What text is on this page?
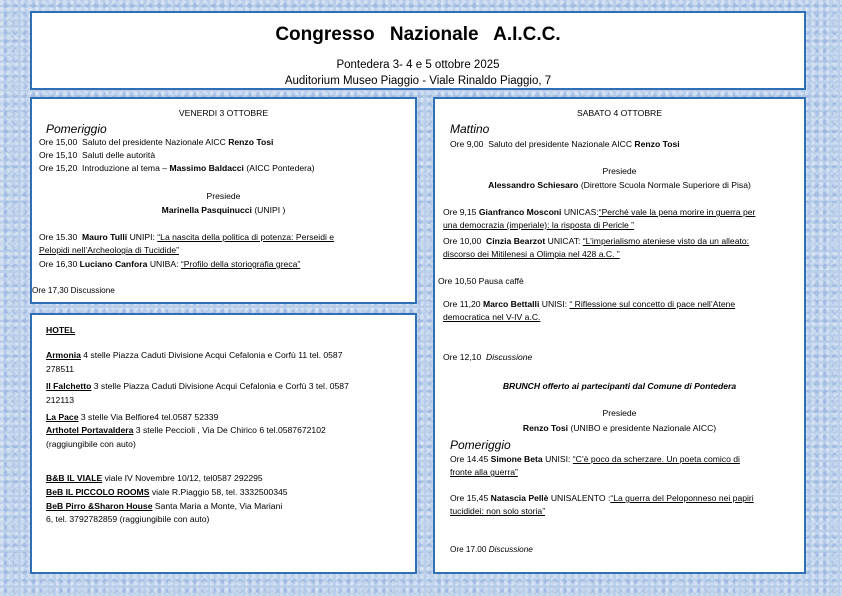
Congresso Nazionale A.I.C.C.
Pontedera 3- 4 e 5 ottobre 2025
Auditorium Museo Piaggio - Viale Rinaldo Piaggio, 7
VENERDI 3 OTTOBRE
Pomeriggio
Ore 15,00 Saluto del presidente Nazionale AICC Renzo Tosi
Ore 15,10 Saluti delle autorità
Ore 15,20 Introduzione al tema – Massimo Baldacci (AICC Pontedera)
Presiede
Marinella Pasquinucci (UNIPI )
Ore 15.30 Mauro Tulli UNIPI: “La nascita della politica di potenza: Perseidi e
Pelopidi nell’Archeologia di Tucidide”
Ore 16,30 Luciano Canfora UNIBA: “Profilo della storiografia greca”
Ore 17,30 Discussione
HOTEL
Armonia 4 stelle Piazza Caduti Divisione Acqui Cefalonia e Corfù 11 tel. 0587
278511
Il Falchetto 3 stelle Piazza Caduti Divisione Acqui Cefalonia e Corfù 3 tel. 0587
212113
La Pace 3 stelle Via Belfiore4 tel.0587 52339
Arthotel Portavaldera 3 stelle Peccioli , Via De Chirico 6 tel.0587672102
(raggiungibile con auto)
B&B IL VIALE viale IV Novembre 10/12, tel0587 292295
BeB IL PICCOLO ROOMS viale R.Piaggio 58, tel. 3332500345
BeB Pirro &Sharon House Santa Maria a Monte, Via Mariani
6, tel. 3792782859 (raggiungibile con auto)
SABATO 4 OTTOBRE
Mattino
Ore 9,00 Saluto del presidente Nazionale AICC Renzo Tosi
Presiede
Alessandro Schiesaro (Direttore Scuola Normale Superiore di Pisa)
Ore 9,15 Gianfranco Mosconi UNICAS:“Perché vale la pena morire in guerra per
una democrazia (imperiale): la risposta di Pericle ”
Ore 10,00 Cinzia Bearzot UNICAT: “L’imperialismo ateniese visto da un alleato:
discorso dei Mitilenesi a Olimpia nel 428 a.C. ”
Ore 10,50 Pausa caffè
Ore 11,20 Marco Bettalli UNISI: “ Riflessione sul concetto di pace nell’Atene
democratica nel V-IV a.C.
Ore 12,10 Discussione
BRUNCH offerto ai partecipanti dal Comune di Pontedera
Presiede
Renzo Tosi (UNIBO e presidente Nazionale AICC)
Pomeriggio
Ore 14.45 Simone Beta UNISI: “C’è poco da scherzare. Un poeta comico di
fronte alla guerra”
Ore 15,45 Natascia Pellè UNISALENTO :“La guerra del Peloponneso nei papiri
tucididei: non solo storia”
Ore 17.00 Discussione
